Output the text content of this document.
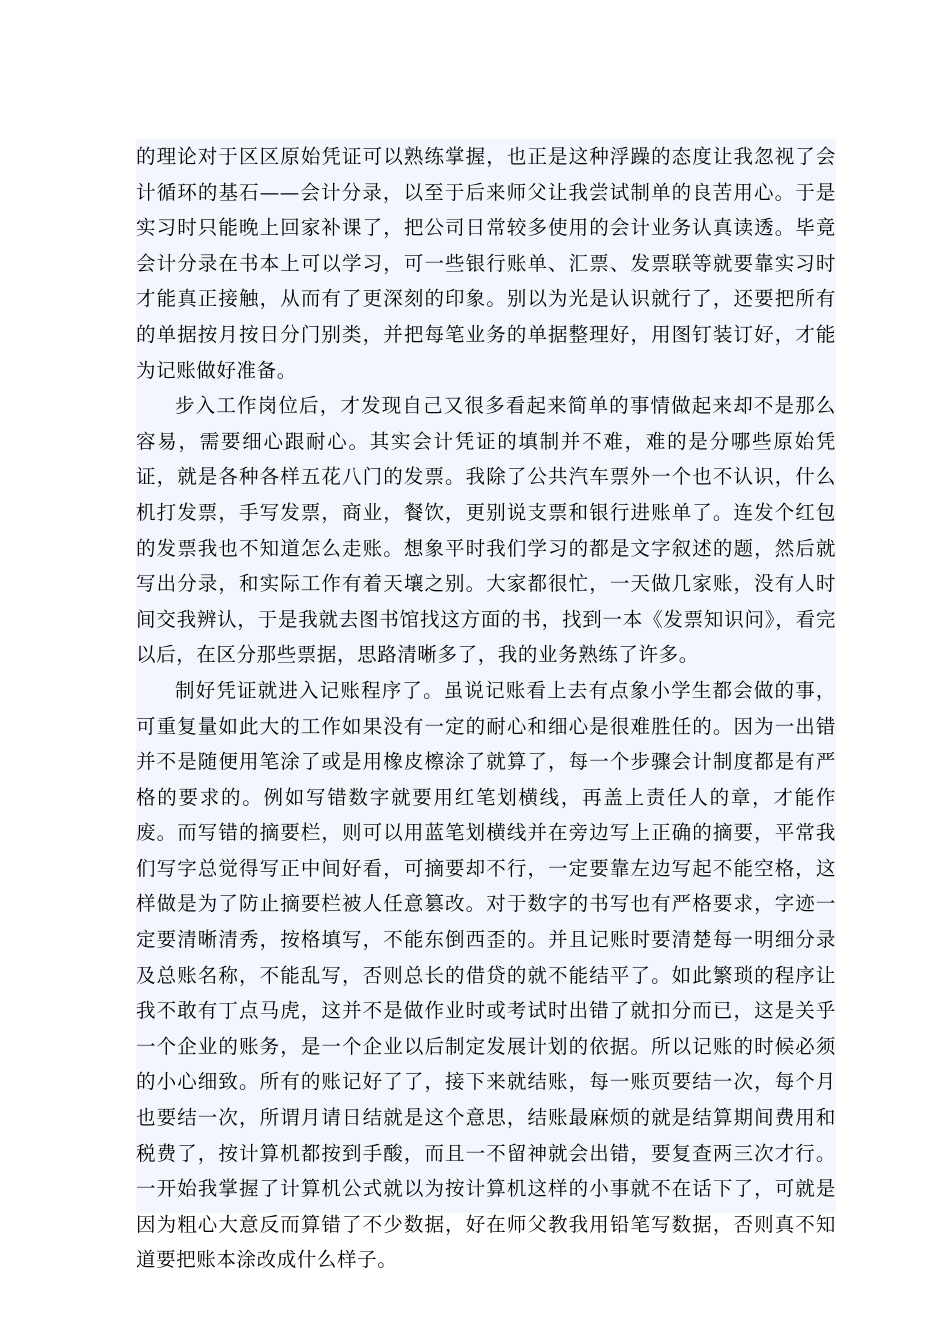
的理论对于区区原始凭证可以熟练掌握，也正是这种浮躁的态度让我忽视了会计循环的基石——会计分录，以至于后来师父让我尝试制单的良苦用心。于是实习时只能晚上回家补课了，把公司日常较多使用的会计业务认真读透。毕竟会计分录在书本上可以学习，可一些银行账单、汇票、发票联等就要靠实习时才能真正接触，从而有了更深刻的印象。别以为光是认识就行了，还要把所有的单据按月按日分门别类，并把每笔业务的单据整理好，用图钉装订好，才能为记账做好准备。

步入工作岗位后，才发现自己又很多看起来简单的事情做起来却不是那么容易，需要细心跟耐心。其实会计凭证的填制并不难，难的是分哪些原始凭证，就是各种各样五花八门的发票。我除了公共汽车票外一个也不认识，什么机打发票，手写发票，商业，餐饮，更别说支票和银行进账单了。连发个红包的发票我也不知道怎么走账。想象平时我们学习的都是文字叙述的题，然后就写出分录，和实际工作有着天壤之别。大家都很忙，一天做几家账，没有人时间交我辨认，于是我就去图书馆找这方面的书，找到一本《发票知识问》，看完以后，在区分那些票据，思路清晰多了，我的业务熟练了许多。

制好凭证就进入记账程序了。虽说记账看上去有点象小学生都会做的事，可重复量如此大的工作如果没有一定的耐心和细心是很难胜任的。因为一出错并不是随便用笔涂了或是用橡皮檫涂了就算了，每一个步骤会计制度都是有严格的要求的。例如写错数字就要用红笔划横线，再盖上责任人的章，才能作废。而写错的摘要栏，则可以用蓝笔划横线并在旁边写上正确的摘要，平常我们写字总觉得写正中间好看，可摘要却不行，一定要靠左边写起不能空格，这样做是为了防止摘要栏被人任意篡改。对于数字的书写也有严格要求，字迹一定要清晰清秀，按格填写，不能东倒西歪的。并且记账时要清楚每一明细分录及总账名称，不能乱写，否则总长的借贷的就不能结平了。如此繁琐的程序让我不敢有丁点马虎，这并不是做作业时或考试时出错了就扣分而已，这是关乎一个企业的账务，是一个企业以后制定发展计划的依据。所以记账的时候必须的小心细致。所有的账记好了了，接下来就结账，每一账页要结一次，每个月也要结一次，所谓月请日结就是这个意思，结账最麻烦的就是结算期间费用和税费了，按计算机都按到手酸，而且一不留神就会出错，要复查两三次才行。一开始我掌握了计算机公式就以为按计算机这样的小事就不在话下了，可就是因为粗心大意反而算错了不少数据，好在师父教我用铅笔写数据，否则真不知道要把账本涂改成什么样子。
